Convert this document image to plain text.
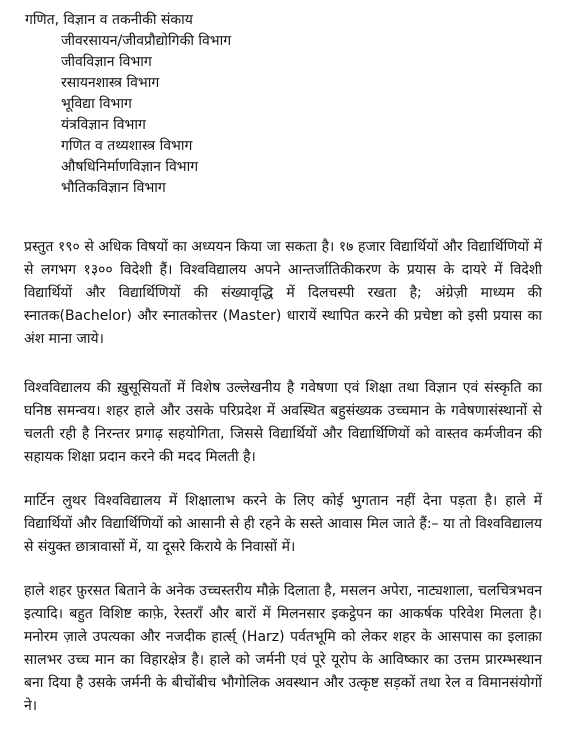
गणित, विज्ञान व तकनीकी संकाय
जीवरसायन/जीवप्रौद्योगिकी विभाग
जीवविज्ञान विभाग
रसायनशास्त्र विभाग
भूविद्या विभाग
यंत्रविज्ञान विभाग
गणित व तथ्यशास्त्र विभाग
औषधिनिर्माणविज्ञान विभाग
भौतिकविज्ञान विभाग

प्रस्तुत १९० से अधिक विषयों का अध्ययन किया जा सकता है। १७ हजार विद्यार्थियों और विद्यार्थिणियों में से लगभग १३०० विदेशी हैं। विश्वविद्यालय अपने आन्तर्जातिकीकरण के प्रयास के दायरे में विदेशी विद्यार्थियों और विद्यार्थिणियों की संख्यावृद्धि में दिलचस्पी रखता है; अंग्रेज़ी माध्यम की स्नातक(Bachelor) और स्नातकोत्तर (Master) धारायें स्थापित करने की प्रचेष्टा को इसी प्रयास का अंश माना जाये।

विश्वविद्यालय की ख़ुसूसियतों में विशेष उल्लेखनीय है गवेषणा एवं शिक्षा तथा विज्ञान एवं संस्कृति का घनिष्ठ समन्वय। शहर हाले और उसके परिप्रदेश में अवस्थित बहुसंख्यक उच्चमान के गवेषणासंस्थानों से चलती रही है निरन्तर प्रगाढ़ सहयोगिता, जिससे विद्यार्थियों और विद्यार्थिणियों को वास्तव कर्मजीवन की सहायक शिक्षा प्रदान करने की मदद मिलती है।

मार्टिन लुथर विश्वविद्यालय में शिक्षालाभ करने के लिए कोई भुगतान नहीं देना पड़ता है। हाले में विद्यार्थियों और विद्यार्थिणियों को आसानी से ही रहने के सस्ते आवास मिल जाते हैं:– या तो विश्वविद्यालय से संयुक्त छात्रावासों में, या दूसरे किराये के निवासों में।

हाले शहर फ़ुरसत बिताने के अनेक उच्चस्तरीय मौक़े दिलाता है, मसलन अपेरा, नाट्यशाला, चलचित्रभवन इत्यादि। बहुत विशिष्ट काफ़े, रेस्तराँ और बारों में मिलनसार इकट्ठेपन का आकर्षक परिवेश मिलता है। मनोरम ज़ाले उपत्यका और नजदीक हार्त्स् (Harz) पर्वतभूमि को लेकर शहर के आसपास का इलाक़ा सालभर उच्च मान का विहारक्षेत्र है। हाले को जर्मनी एवं पूरे यूरोप के आविष्कार का उत्तम प्रारम्भस्थान बना दिया है उसके जर्मनी के बीचोंबीच भौगोलिक अवस्थान और उत्कृष्ट सड़कों तथा रेल व विमानसंयोगों ने।
